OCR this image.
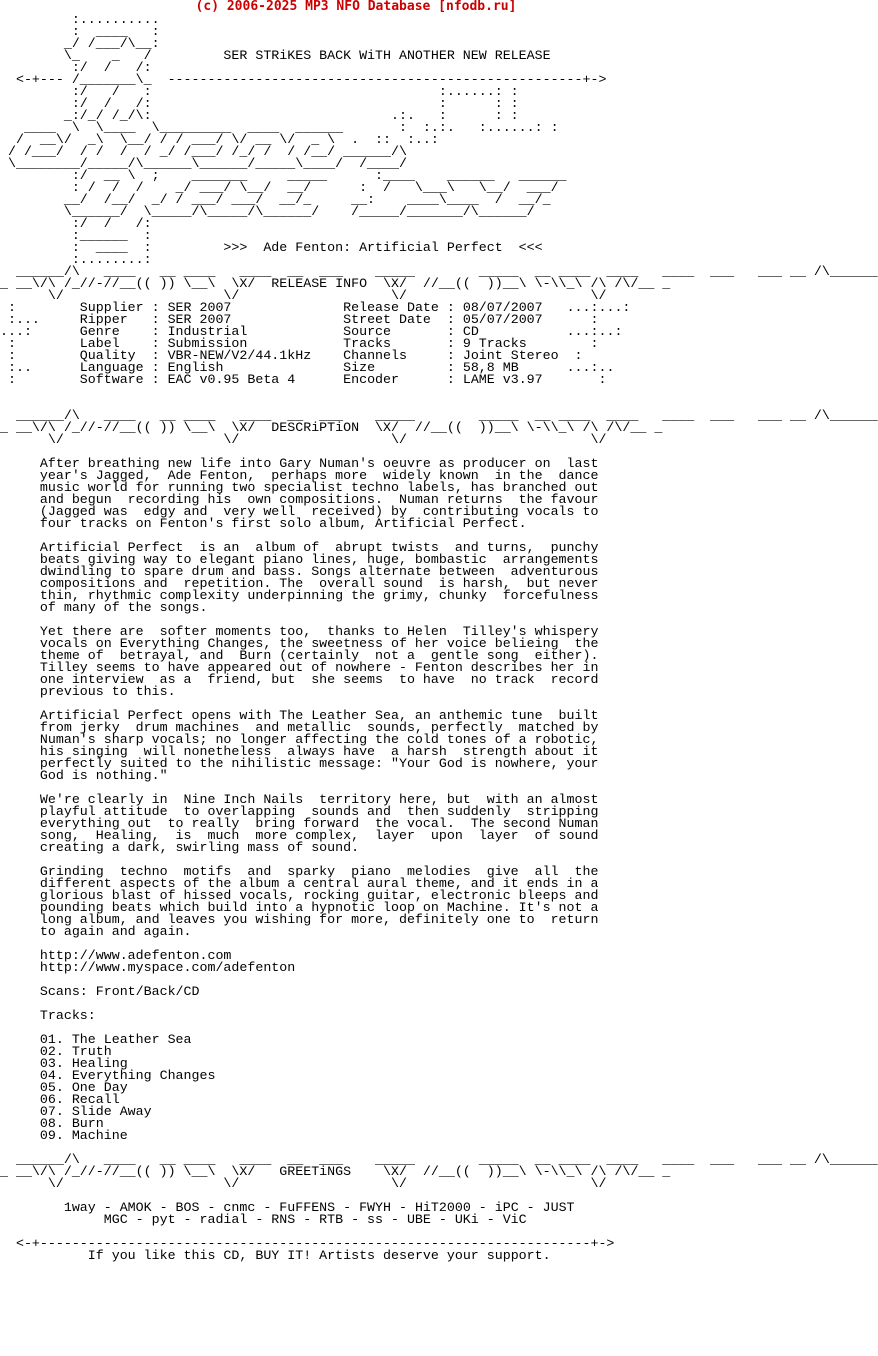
(c) 2006-2025 MP3 NFO Database [nfodb.ru]
:..........
:  ____   :
_/ /___/\__:
\_    _   /         SER STRiKES BACK WiTH ANOTHER NEW RELEASE
:/  /   /:
<-+--- /_______\_  ----------------------------------------------------+->
:/   /   :                                    :......: :
:/  /   /:                                    :      : :
_:/_/ /_/\:                              .:.   :      : :
____  \  \____  \_________  ____  ______       :  :.:.   :......: :
/  __\/  _\  \__/ / / ___/ \/ __ \/  _ \  .  ::  :..:
/ /___/  / /  /  / _/ /___/ /_/ /  / /__/ ______/\
\________/_____/\______\______/_____\____/  /____/
:/  __ \  ;    _______     _____      :____    ______   ______
: /  /  /    _/ ___/ \__/  __/      :  /   \___\   \__/  ___/
__/  /__/  _/ / ___/ ___/  __/_     __:    ____\____  /  __/_
\______/  \_____/\_____/\______/    /_____/_______/\______/
:/  /   /:
:______  :
:  ____  :         >>>  Ade Fenton: Artificial Perfect  <<<
:........:
______/\   ____   __ ____   ____  __  ___    _____        _____  __ ____  ____   ____  ___   ___ __ /\______
_ __\/\ /_//-//__(( )) \__\  \X/  RELEASE INFO  \X/  //__((  ))__\ \-\\_\ /\ /\/__ _
\/                    \/                   \/                       \/
:        Supplier : SER 2007              Release Date : 08/07/2007   ...:...:
:...     Ripper   : SER 2007              Street Date  : 05/07/2007      :
...:      Genre    : Industrial            Source       : CD           ...:..:
:        Label    : Submission            Tracks       : 9 Tracks        :
:        Quality  : VBR-NEW/V2/44.1kHz    Channels     : Joint Stereo  :
:..      Language : English               Size         : 58,8 MB      ...:..
:        Software : EAC v0.95 Beta 4      Encoder      : LAME v3.97       :

______/\   ____   __ ____   ____  __  ___    _____        _____  __ ____  ____   ____  ___   ___ __ /\______
_ __\/\ /_//-//__(( )) \__\  \X/  DESCRiPTiON  \X/  //__((  ))__\ \-\\_\ /\ /\/__ _
\/                    \/                   \/                       \/

After breathing new life into Gary Numan's oeuvre as producer on  last
year's Jagged,  Ade Fenton,  perhaps more  widely known  in the  dance
music world for running two specialist techno labels, has branched out
and begun  recording his  own compositions.  Numan returns  the favour
(Jagged was  edgy and  very well  received) by  contributing vocals to
four tracks on Fenton's first solo album, Artificial Perfect.

Artificial Perfect  is an  album of  abrupt twists  and turns,  punchy
beats giving way to elegant piano lines, huge, bombastic  arrangements
dwindling to spare drum and bass. Songs alternate between  adventurous
compositions and  repetition. The  overall sound  is harsh,  but never
thin, rhythmic complexity underpinning the grimy, chunky  forcefulness
of many of the songs.

Yet there are  softer moments too,  thanks to Helen  Tilley's whispery
vocals on Everything Changes, the sweetness of her voice belieing  the
theme of  betrayal, and  Burn (certainly  not a  gentle song  either).
Tilley seems to have appeared out of nowhere - Fenton describes her in
one interview  as a  friend, but  she seems  to have  no track  record
previous to this.

Artificial Perfect opens with The Leather Sea, an anthemic tune  built
from jerky  drum machines  and metallic  sounds, perfectly  matched by
Numan's sharp vocals; no longer affecting the cold tones of a robotic,
his singing  will nonetheless  always have  a harsh  strength about it
perfectly suited to the nihilistic message: "Your God is nowhere, your
God is nothing."

We're clearly in  Nine Inch Nails  territory here, but  with an almost
playful attitude  to overlapping  sounds and  then suddenly  stripping
everything out  to really  bring forward  the vocal.  The second Numan
song,  Healing,  is  much  more complex,  layer  upon  layer  of sound
creating a dark, swirling mass of sound.

Grinding  techno  motifs  and  sparky  piano  melodies  give  all  the
different aspects of the album a central aural theme, and it ends in a
glorious blast of hissed vocals, rocking guitar, electronic bleeps and
pounding beats which build into a hypnotic loop on Machine. It's not a
long album, and leaves you wishing for more, definitely one to  return
to again and again.

http://www.adefenton.com
http://www.myspace.com/adefenton

Scans: Front/Back/CD

Tracks:

01. The Leather Sea
02. Truth
03. Healing
04. Everything Changes
05. One Day
06. Recall
07. Slide Away
08. Burn
09. Machine

______/\   ____   __ ____   ____  __  ___    _____        _____  __ ____  ____   ____  ___   ___ __ /\______
_ __\/\ /_//-//__(( )) \__\  \X/   GREETiNGS    \X/  //__((  ))__\ \-\\_\ /\ /\/__ _
\/                    \/                   \/                       \/

1way - AMOK - BOS - cnmc - FuFFENS - FWYH - HiT2000 - iPC - JUST
MGC - pyt - radial - RNS - RTB - ss - UBE - UKi - ViC

<-+---------------------------------------------------------------------+->
If you like this CD, BUY IT! Artists deserve your support.
